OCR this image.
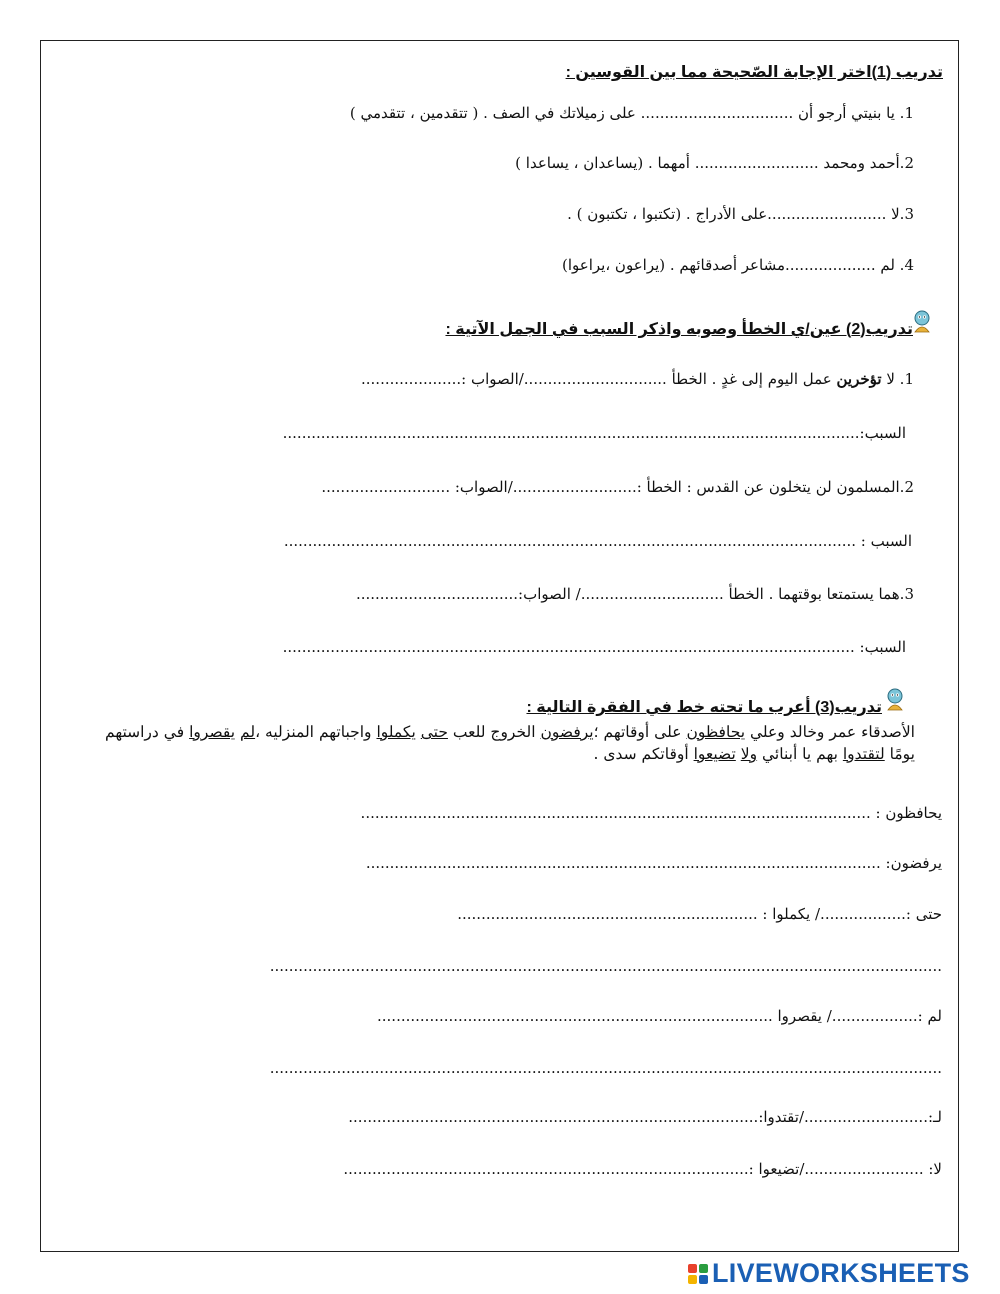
تدريب (1)اختر الإجابة الصّحيحة مما بين القوسين :
1. يا بنيتي أرجو أن ................................ على زميلاتك في الصف . ( تتقدمين ، تتقدمي )
2.أحمد ومحمد .......................... أمهما . (يساعدان ، يساعدا )
3.لا .........................على الأدراج . (تكتبوا ، تكتبون ) .
4. لم ...................مشاعر أصدقائهم . (يراعون ،يراعوا)
تدريب(2) عين/ي الخطأ وصوبه واذكر السبب في الجمل الآتية :
1. لا تؤخرين عمل اليوم إلى غدٍ . الخطأ ............................../الصواب :.....................
السبب:.........................................................................................................................
2.المسلمون لن يتخلون عن القدس : الخطأ :........................../الصواب: ...........................
السبب : ........................................................................................................................
3.هما يستمتعا بوقتهما . الخطأ ............................../ الصواب:..................................
السبب: ........................................................................................................................
تدريب(3) أعرب ما تحته خط في الفقرة التالية :
الأصدقاء عمر وخالد وعلي يحافظون على أوقاتهم ؛يرفضون الخروج للعب حتى يكملوا واجباتهم المنزليه ،لم يقصروا في دراستهم يومًا لتقتدوا بهم يا أبنائي ولا تضيعوا أوقاتكم سدى .
يحافظون : ...........................................................................................................
يرفضون: ............................................................................................................
حتى :................../ يكملوا : ...............................................................
.............................................................................................................................................
لم :................../ يقصروا ...................................................................................
.............................................................................................................................................
لـ:........................../تقتدوا:......................................................................................
لا: ........................./تضيعوا :.....................................................................................
LIVEWORKSHEETS
